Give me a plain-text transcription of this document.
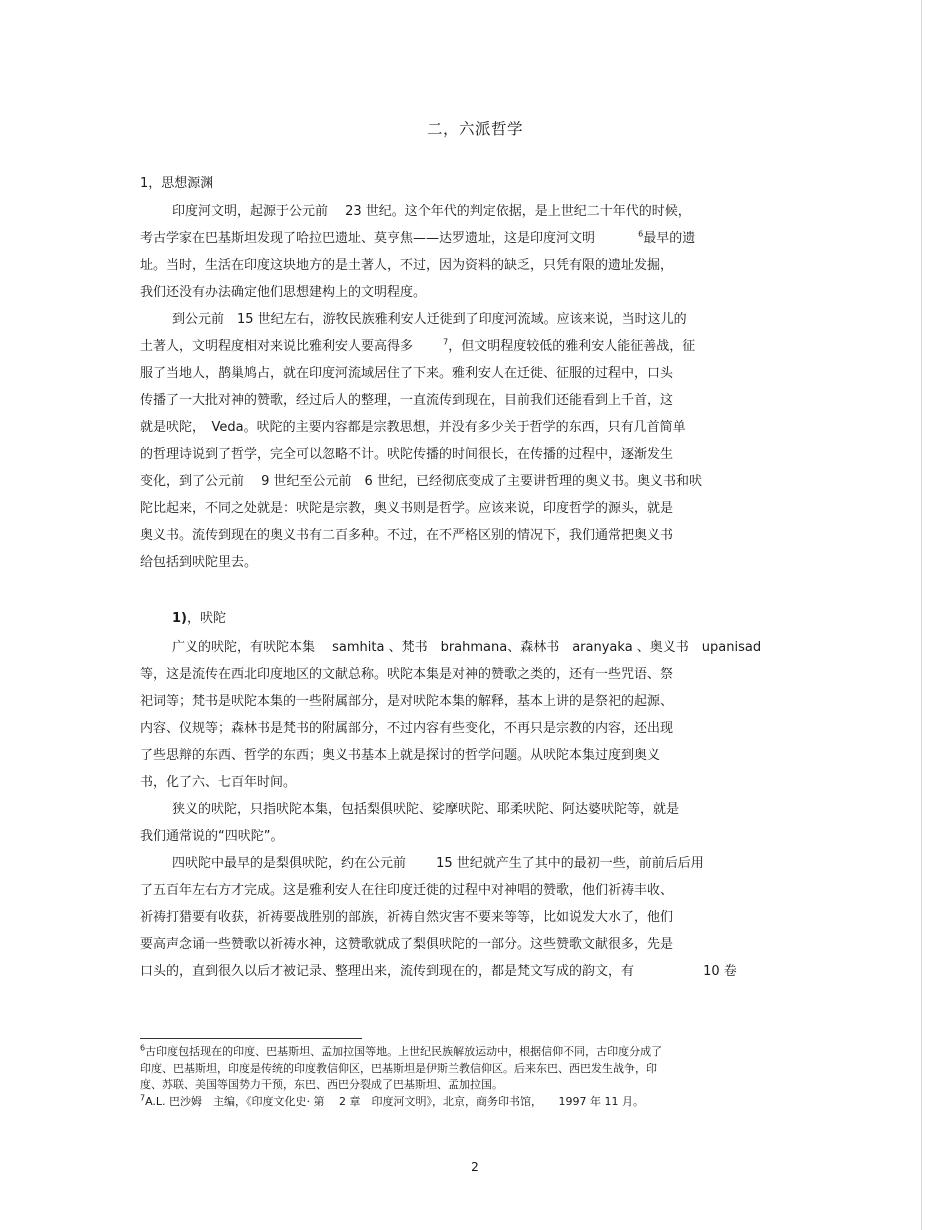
二，六派哲学
1，思想源渊
印度河文明，起源于公元前　 23 世纪。这个年代的判定依据，是上世纪二十年代的时候，
考古学家在巴基斯坦发现了哈拉巴遗址、莫亨焦——达罗遗址，这是印度河文明　　　 $^6$最早的遗
址。当时，生活在印度这块地方的是土著人，不过，因为资料的缺乏，只凭有限的遗址发掘，
我们还没有办法确定他们思想建构上的文明程度。
到公元前　15 世纪左右，游牧民族雅利安人迁徙到了印度河流域。应该来说，当时这儿的
土著人，文明程度相对来说比雅利安人要高得多　　 $^7$，但文明程度较低的雅利安人能征善战，征
服了当地人，鹊巢鸠占，就在印度河流域居住了下来。雅利安人在迁徙、征服的过程中，口头
传播了一大批对神的赞歌，经过后人的整理，一直流传到现在，目前我们还能看到上千首，这
就是吠陀，　Veda。吠陀的主要内容都是宗教思想，并没有多少关于哲学的东西，只有几首简单
的哲理诗说到了哲学，完全可以忽略不计。吠陀传播的时间很长，在传播的过程中，逐渐发生
变化，到了公元前　 9 世纪至公元前　6 世纪，已经彻底变成了主要讲哲理的奥义书。奥义书和吠
陀比起来，不同之处就是：吠陀是宗教，奥义书则是哲学。应该来说，印度哲学的源头，就是
奥义书。流传到现在的奥义书有二百多种。不过，在不严格区别的情况下，我们通常把奥义书
给包括到吠陀里去。
1)，吠陀
广义的吠陀，有吠陀本集　 samhita 、梵书　brahmana、森林书　aranyaka 、奥义书　upanisad
等，这是流传在西北印度地区的文献总称。吠陀本集是对神的赞歌之类的，还有一些咒语、祭
祀词等；梵书是吠陀本集的一些附属部分，是对吠陀本集的解释，基本上讲的是祭祀的起源、
内容、仪规等；森林书是梵书的附属部分，不过内容有些变化，不再只是宗教的内容，还出现
了些思辩的东西、哲学的东西；奥义书基本上就是探讨的哲学问题。从吠陀本集过度到奥义
书，化了六、七百年时间。
狭义的吠陀，只指吠陀本集，包括梨俱吠陀、娑摩吠陀、耶柔吠陀、阿达婆吠陀等，就是
我们通常说的“四吠陀”。
四吠陀中最早的是梨俱吠陀，约在公元前　　 15 世纪就产生了其中的最初一些，前前后后用
了五百年左右方才完成。这是雅利安人在往印度迁徙的过程中对神唱的赞歌，他们祈祷丰收、
祈祷打猎要有收获，祈祷要战胜别的部族，祈祷自然灾害不要来等等，比如说发大水了，他们
要高声念诵一些赞歌以祈祷水神，这赞歌就成了梨俱吠陀的一部分。这些赞歌文献很多，先是
口头的，直到很久以后才被记录、整理出来，流传到现在的，都是梵文写成的韵文，有　　　　　 10 卷
$^6$古印度包括现在的印度、巴基斯坦、孟加拉国等地。上世纪民族解放运动中，根据信仰不同，古印度分成了
印度、巴基斯坦，印度是传统的印度教信仰区，巴基斯坦是伊斯兰教信仰区。后来东巴、西巴发生战争，印
度、苏联、美国等国势力干预，东巴、西巴分裂成了巴基斯坦、孟加拉国。
$^7$A.L. 巴沙姆　主编，《印度文化史· 第　 2 章　印度河文明》，北京，商务印书馆，　　1997 年 11 月。
2
